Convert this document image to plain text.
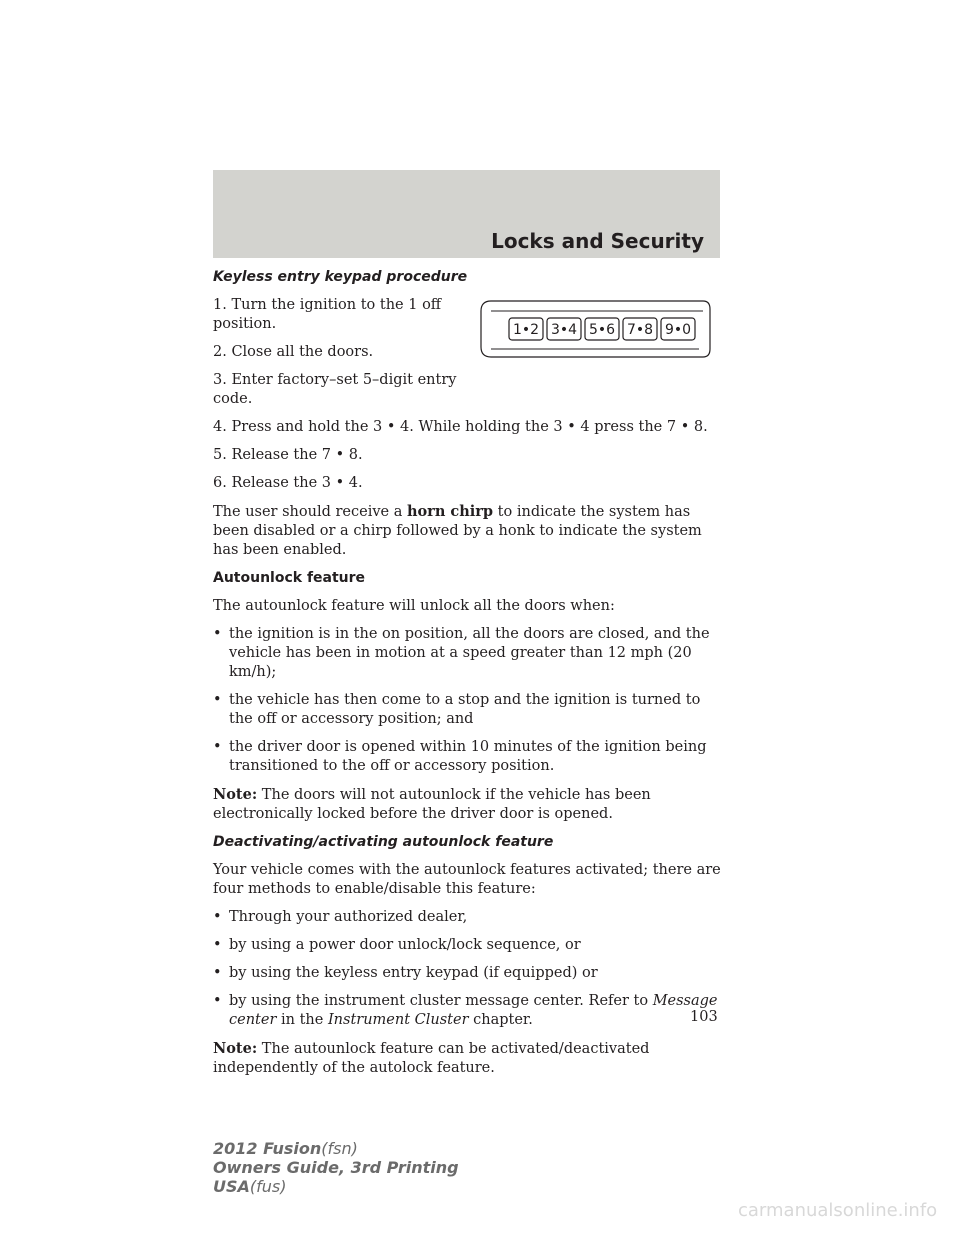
Locks and Security
1•2 3•4 5•6 7•8 9•0
Keyless entry keypad procedure

1. Turn the ignition to the 1 off position.

2. Close all the doors.

3. Enter factory–set 5–digit entry code.

4. Press and hold the 3 • 4. While holding the 3 • 4 press the 7 • 8.

5. Release the 7 • 8.

6. Release the 3 • 4.

The user should receive a horn chirp to indicate the system has been disabled or a chirp followed by a honk to indicate the system has been enabled.

Autounlock feature

The autounlock feature will unlock all the doors when:

• the ignition is in the on position, all the doors are closed, and the vehicle has been in motion at a speed greater than 12 mph (20 km/h);
• the vehicle has then come to a stop and the ignition is turned to the off or accessory position; and
• the driver door is opened within 10 minutes of the ignition being transitioned to the off or accessory position.

Note: The doors will not autounlock if the vehicle has been electronically locked before the driver door is opened.

Deactivating/activating autounlock feature

Your vehicle comes with the autounlock features activated; there are four methods to enable/disable this feature:

• Through your authorized dealer,
• by using a power door unlock/lock sequence, or
• by using the keyless entry keypad (if equipped) or
• by using the instrument cluster message center. Refer to Message center in the Instrument Cluster chapter.

Note: The autounlock feature can be activated/deactivated independently of the autolock feature.

103
2012 Fusion(fsn)
Owners Guide, 3rd Printing
USA(fus)
carmanualsonline.info
